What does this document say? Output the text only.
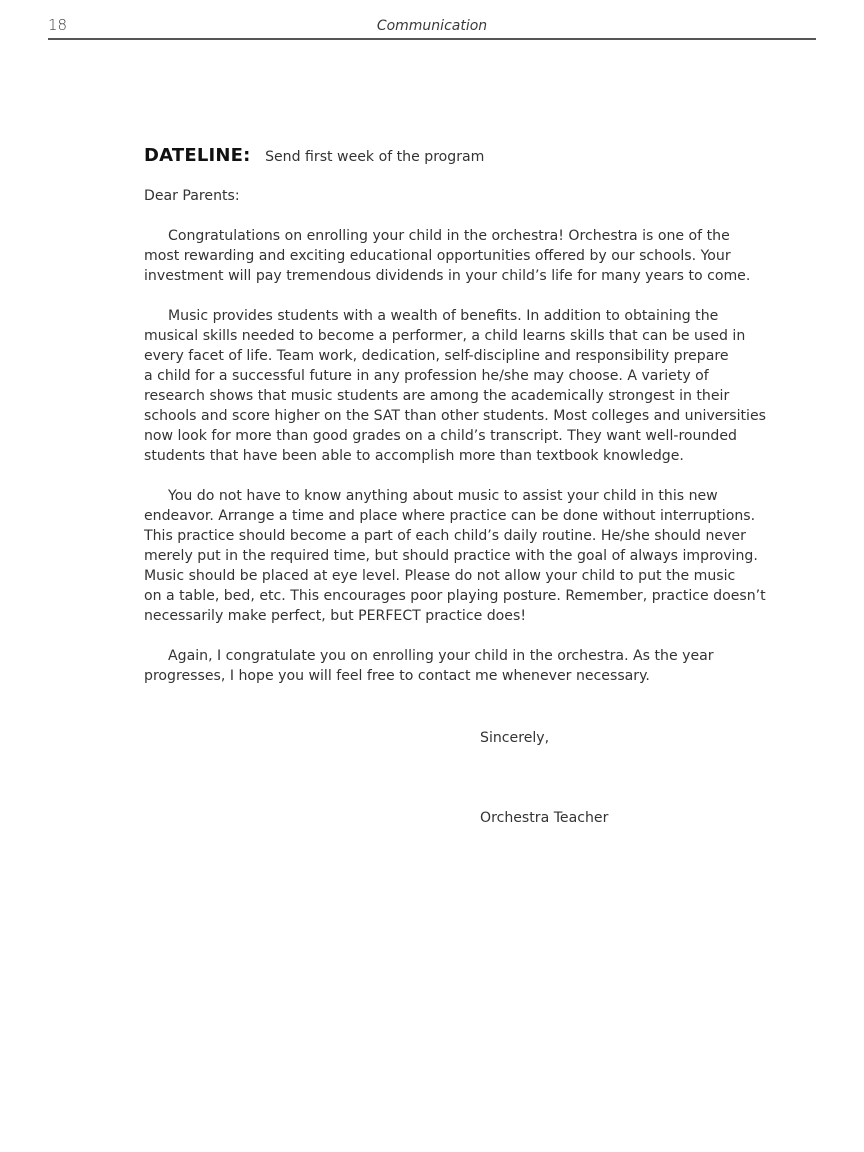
18	Communication
DATELINE: Send first week of the program

Dear Parents:

Congratulations on enrolling your child in the orchestra! Orchestra is one of the
most rewarding and exciting educational opportunities offered by our schools. Your
investment will pay tremendous dividends in your child’s life for many years to come.

Music provides students with a wealth of benefits. In addition to obtaining the
musical skills needed to become a performer, a child learns skills that can be used in
every facet of life. Team work, dedication, self-discipline and responsibility prepare
a child for a successful future in any profession he/she may choose. A variety of
research shows that music students are among the academically strongest in their
schools and score higher on the SAT than other students. Most colleges and universities
now look for more than good grades on a child’s transcript. They want well-rounded
students that have been able to accomplish more than textbook knowledge.

You do not have to know anything about music to assist your child in this new
endeavor. Arrange a time and place where practice can be done without interruptions.
This practice should become a part of each child’s daily routine. He/she should never
merely put in the required time, but should practice with the goal of always improving.
Music should be placed at eye level. Please do not allow your child to put the music
on a table, bed, etc. This encourages poor playing posture. Remember, practice doesn’t
necessarily make perfect, but PERFECT practice does!

Again, I congratulate you on enrolling your child in the orchestra. As the year
progresses, I hope you will feel free to contact me whenever necessary.

Sincerely,
Orchestra Teacher
